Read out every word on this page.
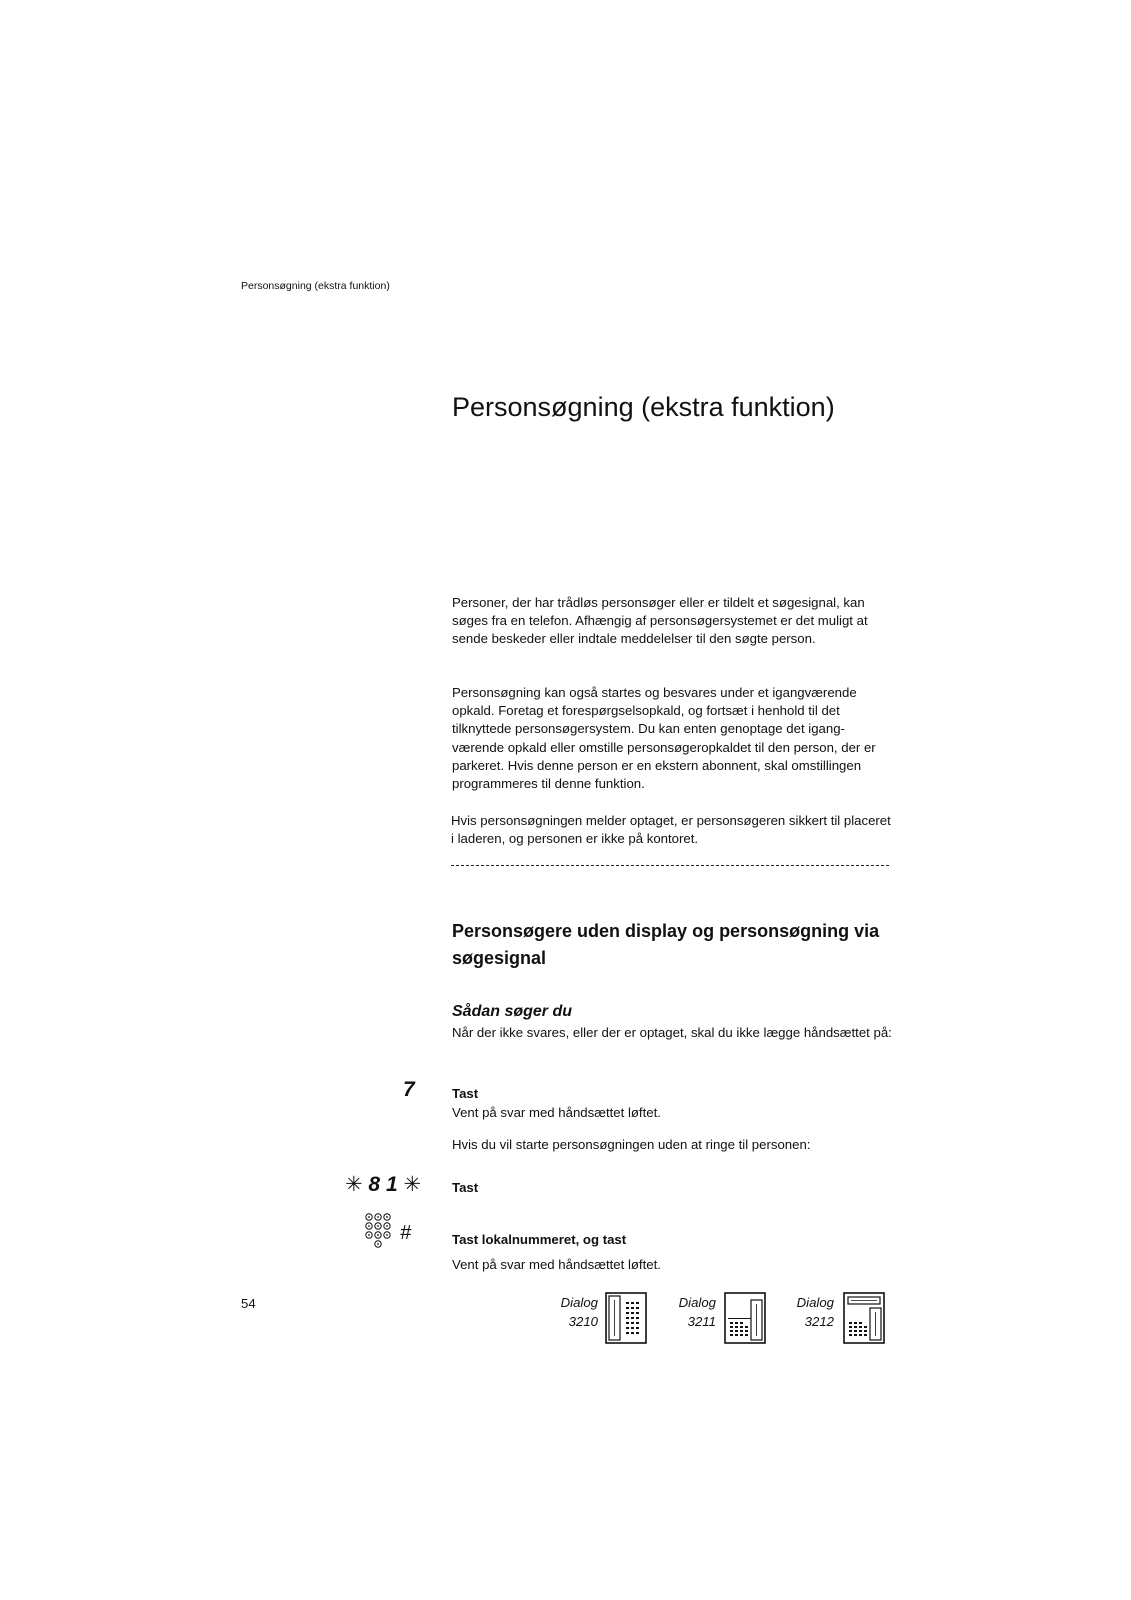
Personsøgning (ekstra funktion)
Personsøgning (ekstra funktion)

Personer, der har trådløs personsøger eller er tildelt et søgesignal, kan søges fra en telefon. Afhængig af personsøgersystemet er det muligt at sende beskeder eller indtale meddelelser til den søgte person.

Personsøgning kan også startes og besvares under et igangværende opkald. Foretag et forespørgselsopkald, og fortsæt i henhold til det tilknyttede personsøgersystem. Du kan enten genoptage det igang-værende opkald eller omstille personsøgeropkaldet til den person, der er parkeret. Hvis denne person er en ekstern abonnent, skal omstillingen programmeres til denne funktion.

Hvis personsøgningen melder optaget, er personsøgeren sikkert til placeret i laderen, og personen er ikke på kontoret.

Personsøgere uden display og personsøgning via søgesignal
Sådan søger du

Når der ikke svares, eller der er optaget, skal du ikke lægge håndsættet på:

7	Tast
Vent på svar med håndsættet løftet.
Hvis du vil starte personsøgningen uden at ringe til personen:
✳ 8 1 ✳ Tast
#	Tast lokalnummeret, og tast
Vent på svar med håndsættet løftet.
54	Dialog
3210
Dialog
3211
Dialog
3212
